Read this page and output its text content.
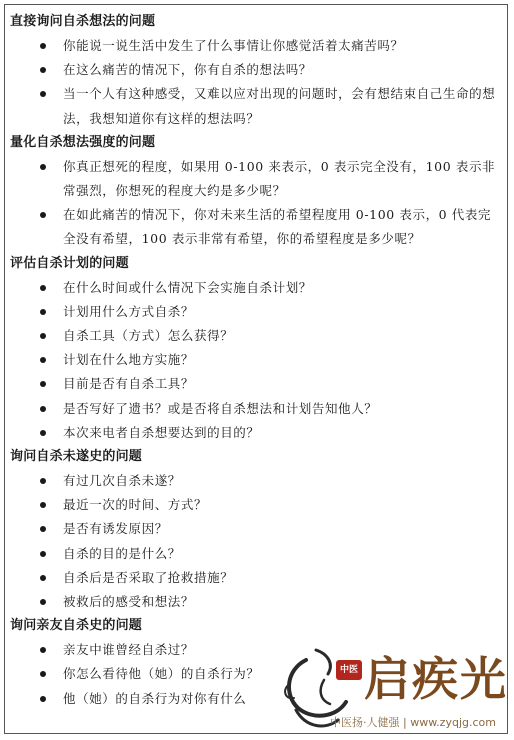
直接询问自杀想法的问题
你能说一说生活中发生了什么事情让你感觉活着太痛苦吗？
在这么痛苦的情况下，你有自杀的想法吗？
当一个人有这种感受，又难以应对出现的问题时，会有想结束自己生命的想法，我想知道你有这样的想法吗？
量化自杀想法强度的问题
你真正想死的程度，如果用 0-100 来表示，0 表示完全没有，100 表示非常强烈，你想死的程度大约是多少呢？
在如此痛苦的情况下，你对未来生活的希望程度用 0-100 表示，0 代表完全没有希望，100 表示非常有希望，你的希望程度是多少呢？
评估自杀计划的问题
在什么时间或什么情况下会实施自杀计划？
计划用什么方式自杀？
自杀工具（方式）怎么获得？
计划在什么地方实施？
目前是否有自杀工具？
是否写好了遗书？或是否将自杀想法和计划告知他人？
本次来电者自杀想要达到的目的？
询问自杀未遂史的问题
有过几次自杀未遂？
最近一次的时间、方式？
是否有诱发原因？
自杀的目的是什么？
自杀后是否采取了抢救措施？
被救后的感受和想法？
询问亲友自杀史的问题
亲友中谁曾经自杀过？
你怎么看待他（她）的自杀行为？
他（她）的自杀行为对你有什么
中医 启疾光
中医扬·人健强 | www.zyqjg.com
